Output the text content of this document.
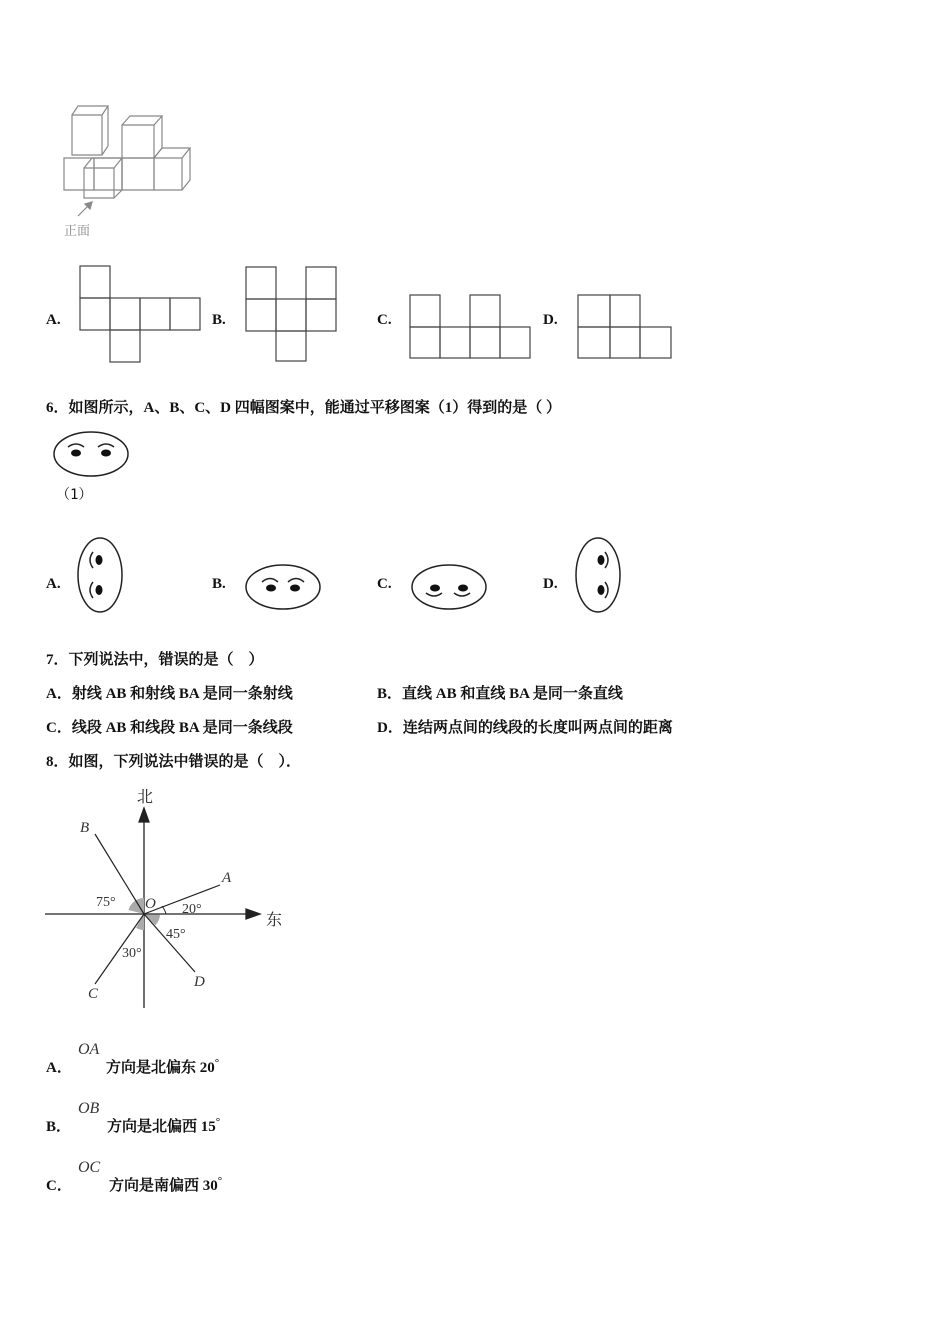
正面
A.	B.	C.	D.
6．如图所示，A、B、C、D 四幅图案中，能通过平移图案（1）得到的是（ ）
（1）
A.	B.	C.	D.
7．下列说法中，错误的是（　）
A．射线 AB 和射线 BA 是同一条射线	B．直线 AB 和直线 BA 是同一条直线
C．线段 AB 和线段 BA 是同一条线段	D．连结两点间的线段的长度叫两点间的距离
8．如图，下列说法中错误的是（　）．
B
A
C
D
O
75°	20°
45°
30°
北
东
A．
OA
方向是北偏东 20°
B．
OB
方向是北偏西 15°
C．
OC
方向是南偏西 30°
